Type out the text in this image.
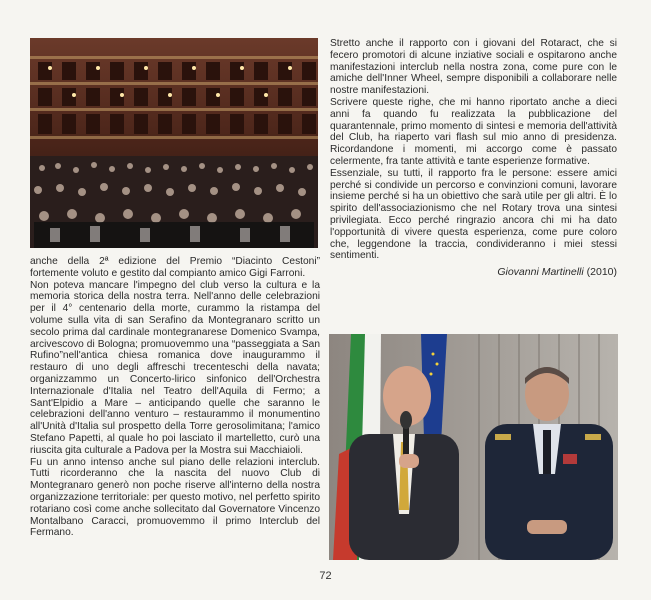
anche della 2ª edizione del Premio “Diacinto Cestoni” fortemente voluto e gestito dal compianto amico Gigi Farroni.

Non poteva mancare l'impegno del club verso la cultura e la memoria storica della nostra terra. Nell'anno delle celebrazioni per il 4° centenario della morte, curammo la ristampa del volume sulla vita di san Serafino da Montegranaro scritto un secolo prima dal cardinale montegranarese Domenico Svampa, arcivescovo di Bologna; promuovemmo una “passeggiata a San Rufino”nell'antica chiesa romanica dove inaugurammo il restauro di uno degli affreschi trecenteschi della navata; organizzammo un Concerto-lirico sinfonico dell'Orchestra Internazionale d'Italia nel Teatro dell'Aquila di Fermo; a Sant'Elpidio a Mare – anticipando quelle che saranno le celebrazioni dell'anno venturo – restaurammo il monumentino all'Unità d'Italia sul prospetto della Torre gerosolimitana; l'amico Stefano Papetti, al quale ho poi lasciato il martelletto, curò una riuscita gita culturale a Padova per la Mostra sui Macchiaioli.

Fu un anno intenso anche sul piano delle relazioni interclub. Tutti ricorderanno che la nascita del nuovo Club di Montegranaro generò non poche riserve all'interno della nostra organizzazione territoriale: per questo motivo, nel perfetto spirito rotariano così come anche sollecitato dal Governatore Vincenzo Montalbano Caracci, promuovemmo il primo Interclub del Fermano.

Stretto anche il rapporto con i giovani del Rotaract, che si fecero promotori di alcune inziative sociali e ospitarono anche manifestazioni interclub nella nostra zona, come pure con le amiche dell'Inner Wheel, sempre disponibili a collaborare nelle nostre manifestazioni.

Scrivere queste righe, che mi hanno riportato anche a dieci anni fa quando fu realizzata la pubblicazione del quarantennale, primo momento di sintesi e memoria dell'attività del Club, ha riaperto vari flash sul mio anno di presidenza. Ricordandone i momenti, mi accorgo come è passato celermente, fra tante attività e tante esperienze formative.

Essenziale, su tutti, il rapporto fra le persone: essere amici perché si condivide un percorso e convinzioni comuni, lavorare insieme perché si ha un obiettivo che sarà utile per gli altri. È lo spirito dell'associazionismo che nel Rotary trova una sintesi privilegiata. Ecco perché ringrazio ancora chi mi ha dato l'opportunità di vivere questa esperienza, come pure coloro che, leggendone la traccia, condivideranno i miei stessi sentimenti.

Giovanni Martinelli (2010)
72
